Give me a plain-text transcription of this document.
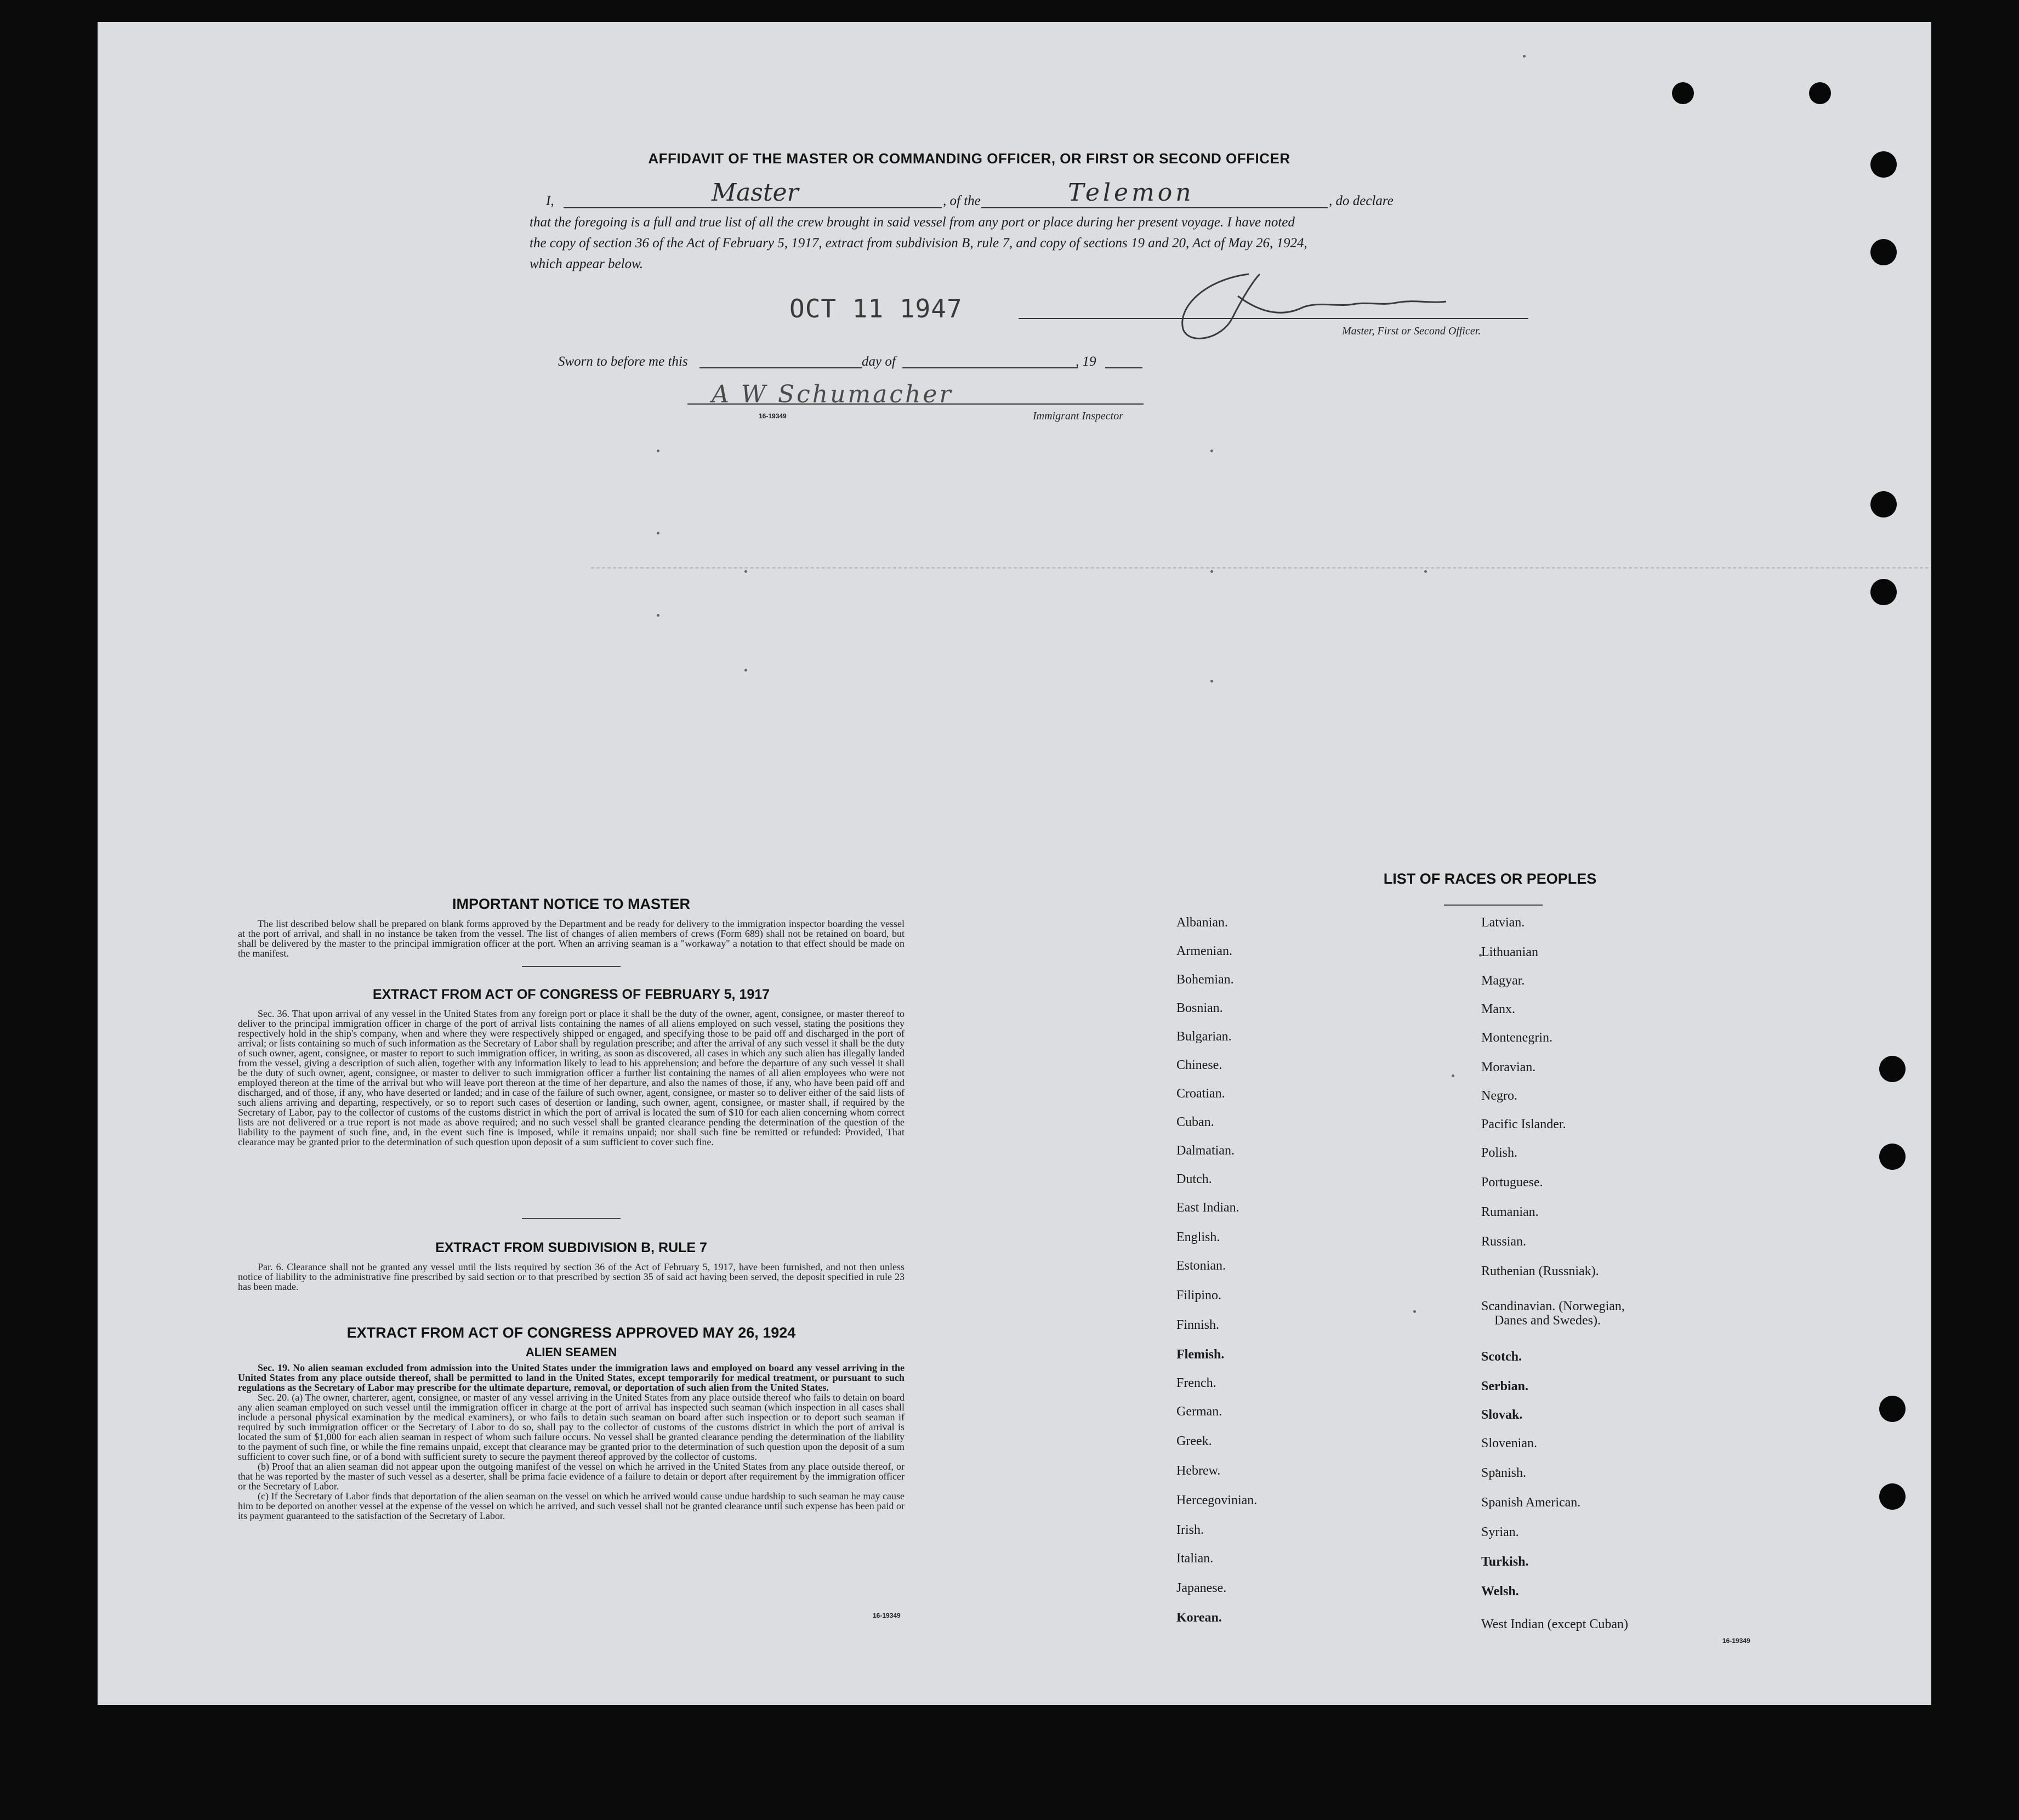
AFFIDAVIT OF THE MASTER OR COMMANDING OFFICER, OR FIRST OR SECOND OFFICER
I,	Master	, of the	Telemon	, do declare
that the foregoing is a full and true list of all the crew brought in said vessel from any port or place during her present voyage. I have noted
the copy of section 36 of the Act of February 5, 1917, extract from subdivision B, rule 7, and copy of sections 19 and 20, Act of May 26, 1924,
which appear below.
OCT 11 1947
Master, First or Second Officer.
Sworn to before me this	day of	, 19
A W Schumacher
16-19349	Immigrant Inspector
IMPORTANT NOTICE TO MASTER

The list described below shall be prepared on blank forms approved by the Department and be ready for delivery to the immigration inspector boarding the vessel at the port of arrival, and shall in no instance be taken from the vessel. The list of changes of alien members of crews (Form 689) shall not be retained on board, but shall be delivered by the master to the principal immigration officer at the port. When an arriving seaman is a "workaway" a notation to that effect should be made on the manifest.

EXTRACT FROM ACT OF CONGRESS OF FEBRUARY 5, 1917

Sec. 36. That upon arrival of any vessel in the United States from any foreign port or place it shall be the duty of the owner, agent, consignee, or master thereof to deliver to the principal immigration officer in charge of the port of arrival lists containing the names of all aliens employed on such vessel, stating the positions they respectively hold in the ship's company, when and where they were respectively shipped or engaged, and specifying those to be paid off and discharged in the port of arrival; or lists containing so much of such information as the Secretary of Labor shall by regulation prescribe; and after the arrival of any such vessel it shall be the duty of such owner, agent, consignee, or master to report to such immigration officer, in writing, as soon as discovered, all cases in which any such alien has illegally landed from the vessel, giving a description of such alien, together with any information likely to lead to his apprehension; and before the departure of any such vessel it shall be the duty of such owner, agent, consignee, or master to deliver to such immigration officer a further list containing the names of all alien employees who were not employed thereon at the time of the arrival but who will leave port thereon at the time of her departure, and also the names of those, if any, who have been paid off and discharged, and of those, if any, who have deserted or landed; and in case of the failure of such owner, agent, consignee, or master so to deliver either of the said lists of such aliens arriving and departing, respectively, or so to report such cases of desertion or landing, such owner, agent, consignee, or master shall, if required by the Secretary of Labor, pay to the collector of customs of the customs district in which the port of arrival is located the sum of $10 for each alien concerning whom correct lists are not delivered or a true report is not made as above required; and no such vessel shall be granted clearance pending the determination of the question of the liability to the payment of such fine, and, in the event such fine is imposed, while it remains unpaid; nor shall such fine be remitted or refunded: Provided, That clearance may be granted prior to the determination of such question upon deposit of a sum sufficient to cover such fine.

EXTRACT FROM SUBDIVISION B, RULE 7

Par. 6. Clearance shall not be granted any vessel until the lists required by section 36 of the Act of February 5, 1917, have been furnished, and not then unless notice of liability to the administrative fine prescribed by said section or to that prescribed by section 35 of said act having been served, the deposit specified in rule 23 has been made.

EXTRACT FROM ACT OF CONGRESS APPROVED MAY 26, 1924
ALIEN SEAMEN

Sec. 19. No alien seaman excluded from admission into the United States under the immigration laws and employed on board any vessel arriving in the United States from any place outside thereof, shall be permitted to land in the United States, except temporarily for medical treatment, or pursuant to such regulations as the Secretary of Labor may prescribe for the ultimate departure, removal, or deportation of such alien from the United States.

Sec. 20. (a) The owner, charterer, agent, consignee, or master of any vessel arriving in the United States from any place outside thereof who fails to detain on board any alien seaman employed on such vessel until the immigration officer in charge at the port of arrival has inspected such seaman (which inspection in all cases shall include a personal physical examination by the medical examiners), or who fails to detain such seaman on board after such inspection or to deport such seaman if required by such immigration officer or the Secretary of Labor to do so, shall pay to the collector of customs of the customs district in which the port of arrival is located the sum of $1,000 for each alien seaman in respect of whom such failure occurs. No vessel shall be granted clearance pending the determination of the liability to the payment of such fine, or while the fine remains unpaid, except that clearance may be granted prior to the determination of such question upon the deposit of a sum sufficient to cover such fine, or of a bond with sufficient surety to secure the payment thereof approved by the collector of customs.

(b) Proof that an alien seaman did not appear upon the outgoing manifest of the vessel on which he arrived in the United States from any place outside thereof, or that he was reported by the master of such vessel as a deserter, shall be prima facie evidence of a failure to detain or deport after requirement by the immigration officer or the Secretary of Labor.

(c) If the Secretary of Labor finds that deportation of the alien seaman on the vessel on which he arrived would cause undue hardship to such seaman he may cause him to be deported on another vessel at the expense of the vessel on which he arrived, and such vessel shall not be granted clearance until such expense has been paid or its payment guaranteed to the satisfaction of the Secretary of Labor.

16-19349
LIST OF RACES OR PEOPLES
Albanian.
Armenian.
Bohemian.
Bosnian.
Bulgarian.
Chinese.
Croatian.
Cuban.
Dalmatian.
Dutch.
East Indian.
English.
Estonian.
Filipino.
Finnish.
Flemish.
French.
German.
Greek.
Hebrew.
Hercegovinian.
Irish.
Italian.
Japanese.
Korean.
Latvian.
Lithuanian
Magyar.
Manx.
Montenegrin.
Moravian.
Negro.
Pacific Islander.
Polish.
Portuguese.
Rumanian.
Russian.
Ruthenian (Russniak).
Scandinavian. (Norwegian,
Danes and Swedes).
Scotch.
Serbian.
Slovak.
Slovenian.
Spanish.
Spanish American.
Syrian.
Turkish.
Welsh.
West Indian (except Cuban)
16-19349
